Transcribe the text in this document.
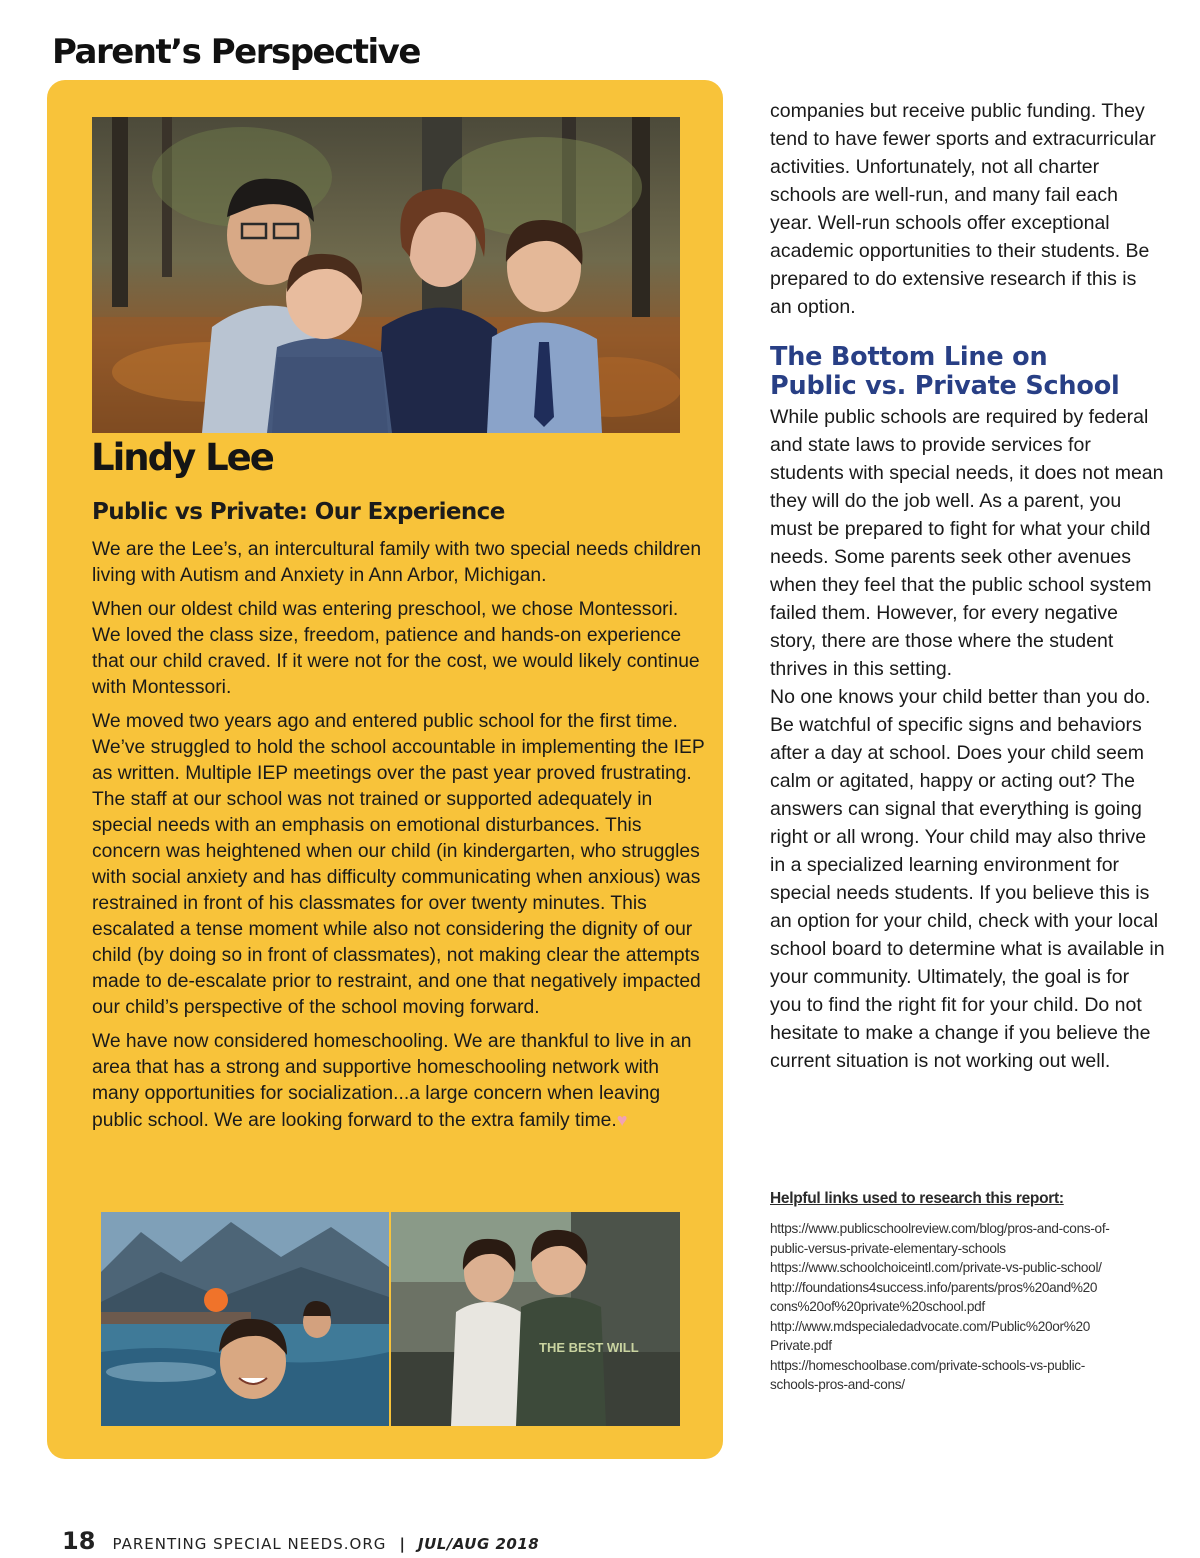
Parent’s Perspective
Lindy Lee
Public vs Private: Our Experience

We are the Lee’s, an intercultural family with two special needs children living with Autism and Anxiety in Ann Arbor, Michigan.

When our oldest child was entering preschool, we chose Montessori. We loved the class size, freedom, patience and hands-on experience that our child craved. If it were not for the cost, we would likely continue with Montessori.

We moved two years ago and entered public school for the first time. We’ve struggled to hold the school accountable in implementing the IEP as written. Multiple IEP meetings over the past year proved frustrating. The staff at our school was not trained or supported adequately in special needs with an emphasis on emotional disturbances. This concern was heightened when our child (in kindergarten, who struggles with social anxiety and has difficulty communicating when anxious) was restrained in front of his classmates for over twenty minutes. This escalated a tense moment while also not considering the dignity of our child (by doing so in front of classmates), not making clear the attempts made to de-escalate prior to restraint, and one that negatively impacted our child’s perspective of the school moving forward.

We have now considered homeschooling. We are thankful to live in an area that has a strong and supportive homeschooling network with many opportunities for socialization...a large concern when leaving public school. We are looking forward to the extra family time.♥

THE BEST WILL

companies but receive public funding. They tend to have fewer sports and extracurricular activities. Unfortunately, not all charter schools are well-run, and many fail each year. Well-run schools offer exceptional academic opportunities to their students. Be prepared to do extensive research if this is an option.

The Bottom Line on
Public vs. Private School

While public schools are required by federal and state laws to provide services for students with special needs, it does not mean they will do the job well. As a parent, you must be prepared to fight for what your child needs. Some parents seek other avenues when they feel that the public school system failed them. However, for every negative story, there are those where the student thrives in this setting.

No one knows your child better than you do. Be watchful of specific signs and behaviors after a day at school. Does your child seem calm or agitated, happy or acting out? The answers can signal that everything is going right or all wrong. Your child may also thrive in a specialized learning environment for special needs students. If you believe this is an option for your child, check with your local school board to determine what is available in your community. Ultimately, the goal is for you to find the right fit for your child. Do not hesitate to make a change if you believe the current situation is not working out well.

Helpful links used to research this report:
https://www.publicschoolreview.com/blog/pros-and-cons-of-
public-versus-private-elementary-schools
https://www.schoolchoiceintl.com/private-vs-public-school/
http://foundations4success.info/parents/pros%20and%20
cons%20of%20private%20school.pdf
http://www.mdspecialedadvocate.com/Public%20or%20
Private.pdf
https://homeschoolbase.com/private-schools-vs-public-
schools-pros-and-cons/
18 PARENTING SPECIAL NEEDS.ORG | JUL/AUG 2018
